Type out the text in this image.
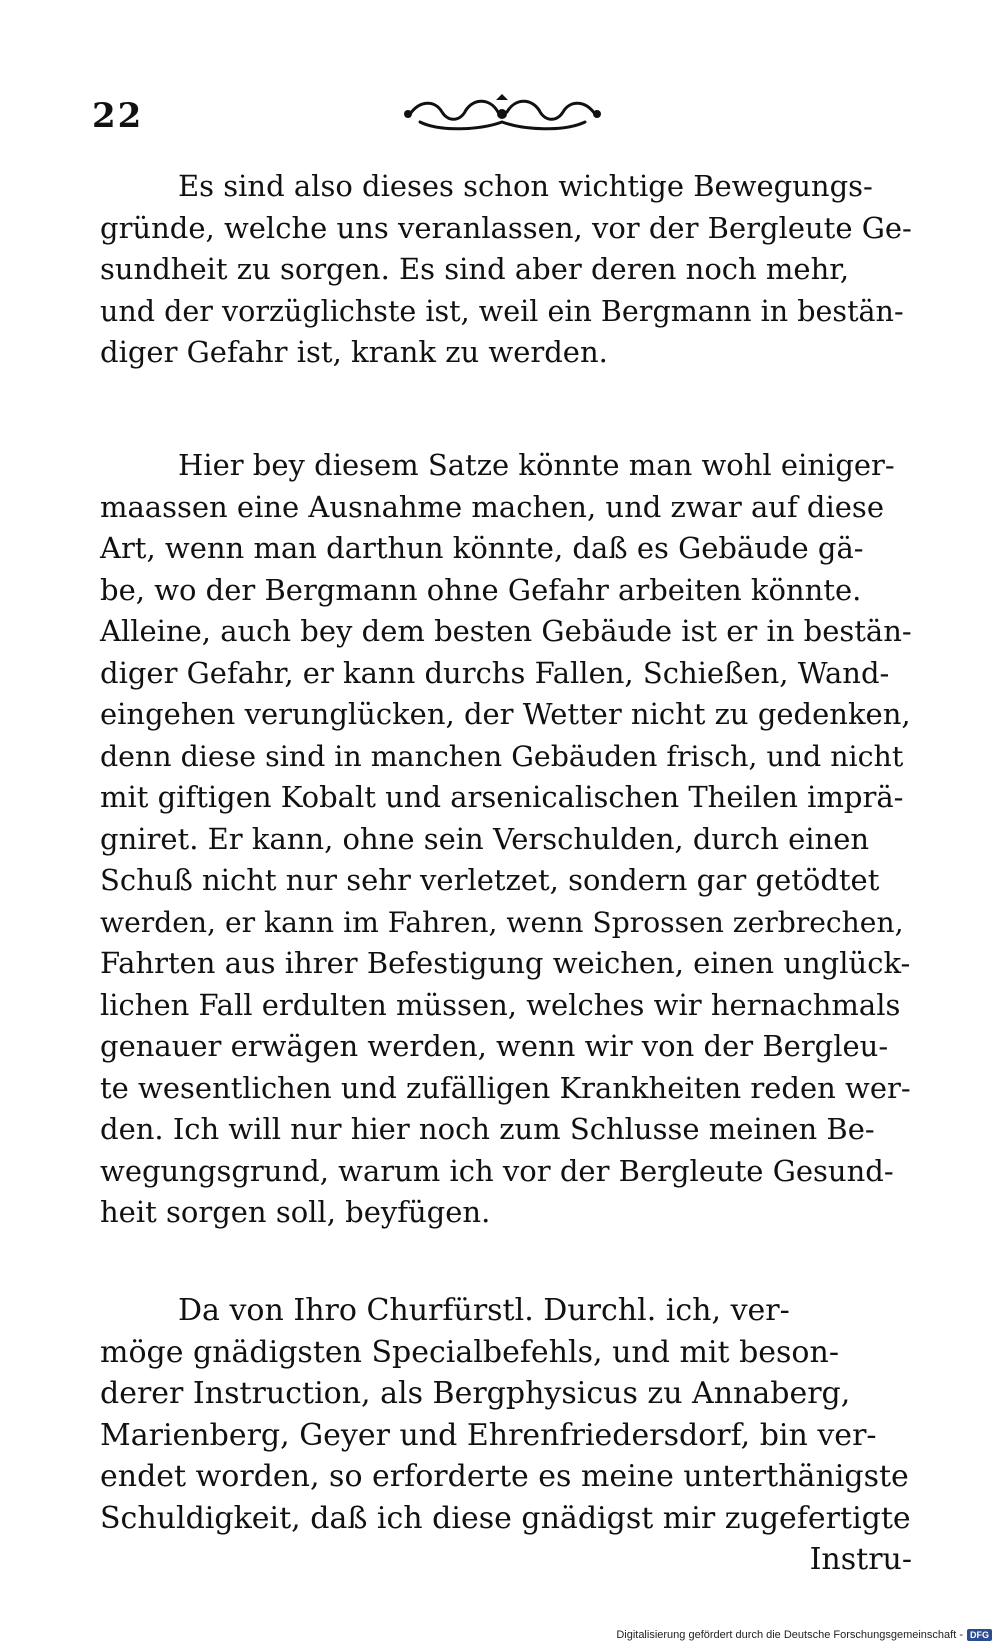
22
Es sind also dieses schon wichtige Bewegungs-
gründe, welche uns veranlassen, vor der Bergleute Ge-
sundheit zu sorgen. Es sind aber deren noch mehr,
und der vorzüglichste ist, weil ein Bergmann in bestän-
diger Gefahr ist, krank zu werden.
Hier bey diesem Satze könnte man wohl einiger-
maassen eine Ausnahme machen, und zwar auf diese
Art, wenn man darthun könnte, daß es Gebäude gä-
be, wo der Bergmann ohne Gefahr arbeiten könnte.
Alleine, auch bey dem besten Gebäude ist er in bestän-
diger Gefahr, er kann durchs Fallen, Schießen, Wand-
eingehen verunglücken, der Wetter nicht zu gedenken,
denn diese sind in manchen Gebäuden frisch, und nicht
mit giftigen Kobalt und arsenicalischen Theilen imprä-
gniret. Er kann, ohne sein Verschulden, durch einen
Schuß nicht nur sehr verletzet, sondern gar getödtet
werden, er kann im Fahren, wenn Sprossen zerbrechen,
Fahrten aus ihrer Befestigung weichen, einen unglück-
lichen Fall erdulten müssen, welches wir hernachmals
genauer erwägen werden, wenn wir von der Bergleu-
te wesentlichen und zufälligen Krankheiten reden wer-
den. Ich will nur hier noch zum Schlusse meinen Be-
wegungsgrund, warum ich vor der Bergleute Gesund-
heit sorgen soll, beyfügen.
Da von Ihro Churfürstl. Durchl. ich, ver-
möge gnädigsten Specialbefehls, und mit beson-
derer Instruction, als Bergphysicus zu Annaberg,
Marienberg, Geyer und Ehrenfriedersdorf, bin ver-
endet worden, so erforderte es meine unterthänigste
Schuldigkeit, daß ich diese gnädigst mir zugefertigte
Instru-
Digitalisierung gefördert durch die Deutsche Forschungsgemeinschaft - DFG
